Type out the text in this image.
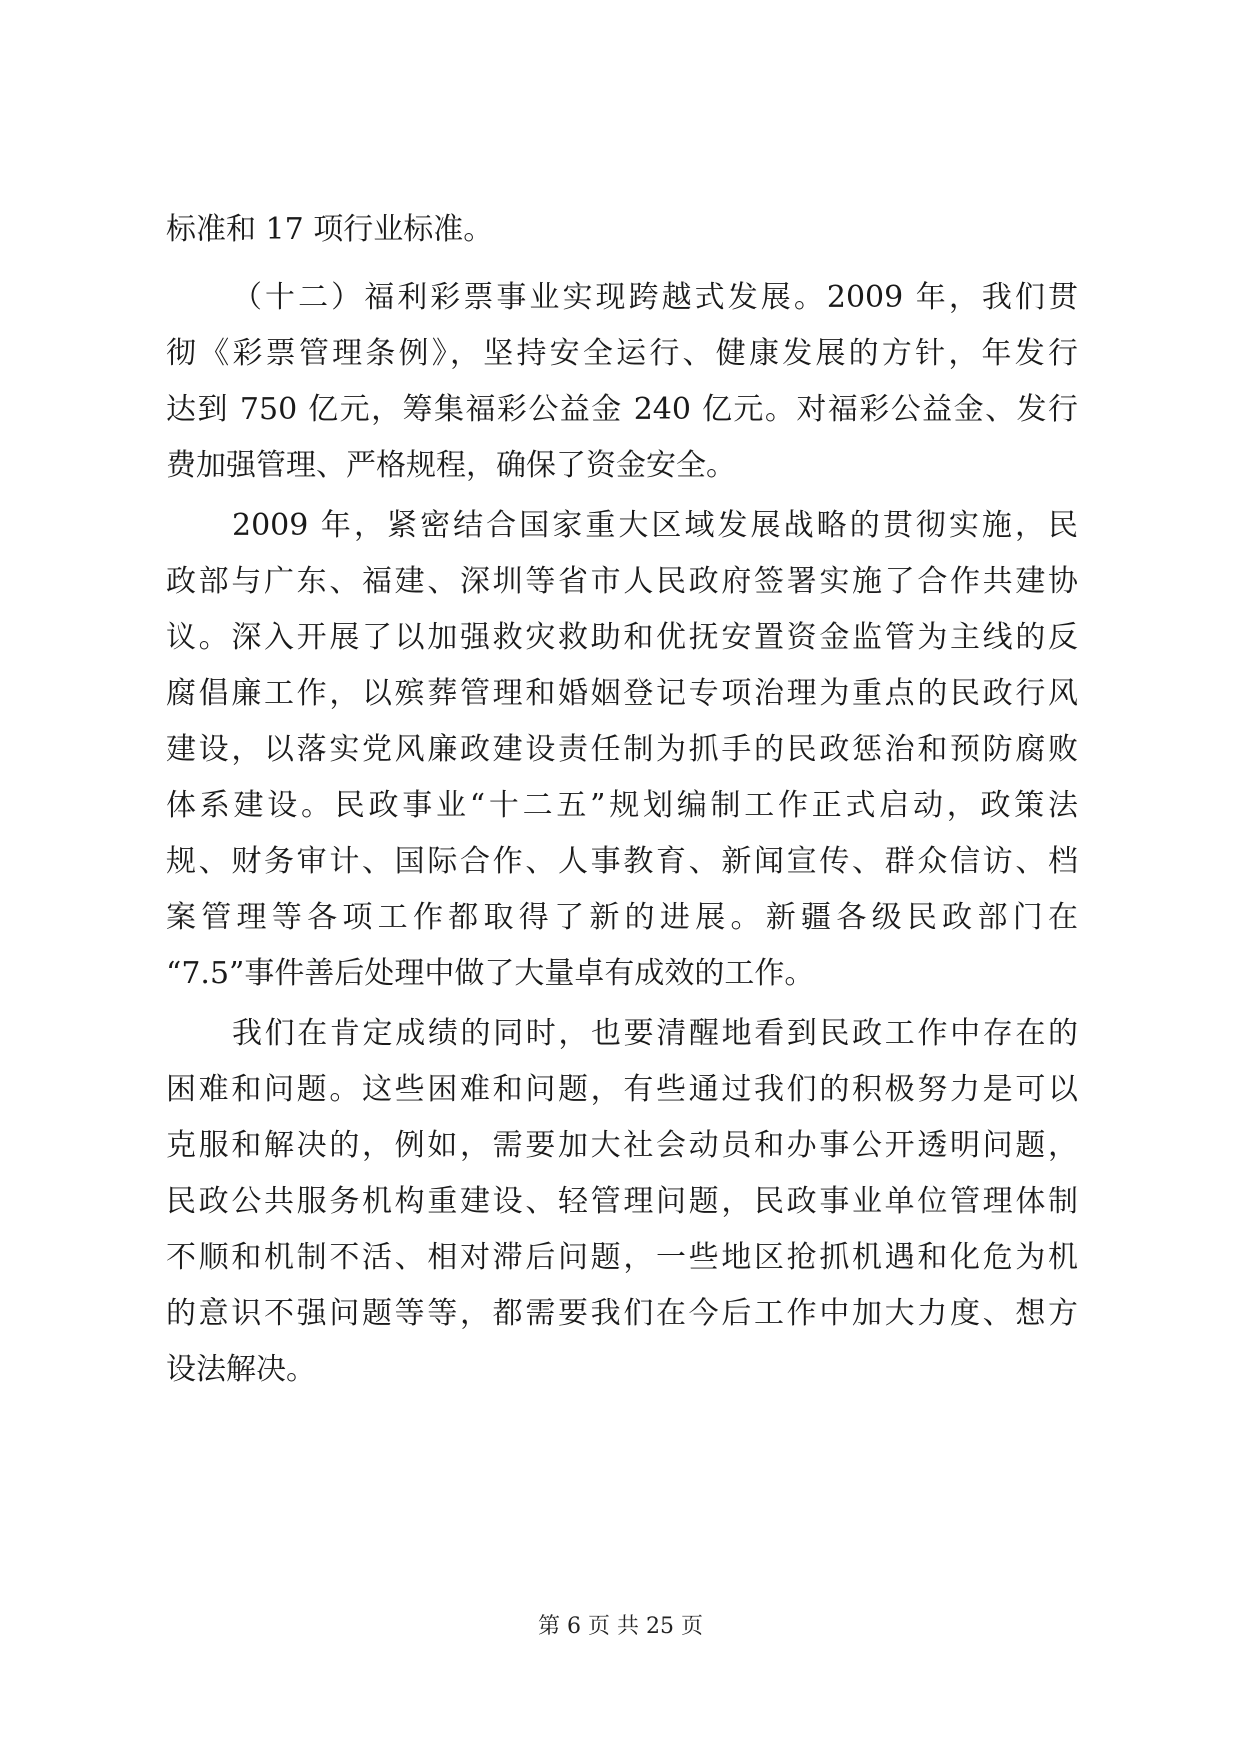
标准和 17 项行业标准。
（十二）福利彩票事业实现跨越式发展。2009 年，我们贯
彻《彩票管理条例》，坚持安全运行、健康发展的方针，年发行
达到 750 亿元，筹集福彩公益金 240 亿元。对福彩公益金、发行
费加强管理、严格规程，确保了资金安全。
2009 年，紧密结合国家重大区域发展战略的贯彻实施，民
政部与广东、福建、深圳等省市人民政府签署实施了合作共建协
议。深入开展了以加强救灾救助和优抚安置资金监管为主线的反
腐倡廉工作，以殡葬管理和婚姻登记专项治理为重点的民政行风
建设，以落实党风廉政建设责任制为抓手的民政惩治和预防腐败
体系建设。民政事业“十二五”规划编制工作正式启动，政策法
规、财务审计、国际合作、人事教育、新闻宣传、群众信访、档
案管理等各项工作都取得了新的进展。新疆各级民政部门在
“7.5”事件善后处理中做了大量卓有成效的工作。
我们在肯定成绩的同时，也要清醒地看到民政工作中存在的
困难和问题。这些困难和问题，有些通过我们的积极努力是可以
克服和解决的，例如，需要加大社会动员和办事公开透明问题，
民政公共服务机构重建设、轻管理问题，民政事业单位管理体制
不顺和机制不活、相对滞后问题，一些地区抢抓机遇和化危为机
的意识不强问题等等，都需要我们在今后工作中加大力度、想方
设法解决。
第 6 页 共 25 页
